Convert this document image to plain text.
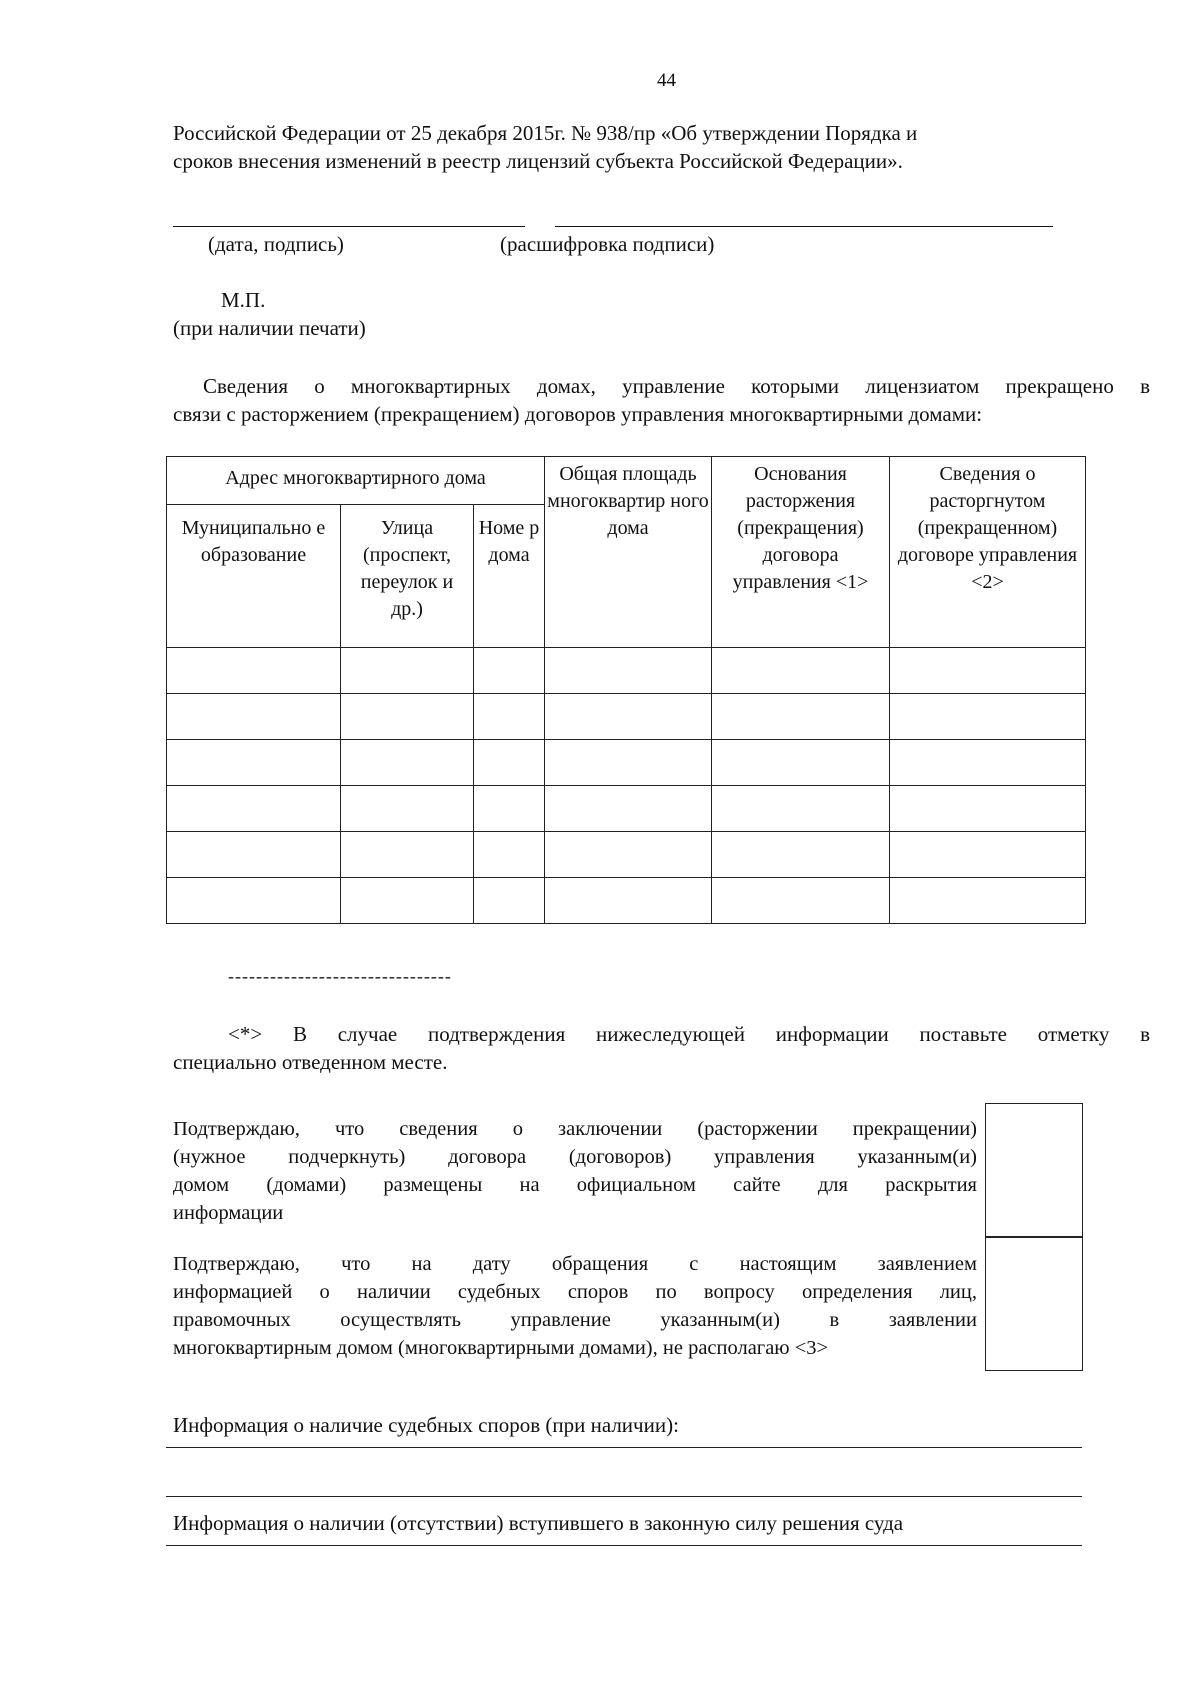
44
Российской Федерации от 25 декабря 2015г. № 938/пр «Об утверждении Порядка и
сроков внесения изменений в реестр лицензий субъекта Российской Федерации».
(дата, подпись)	(расшифровка подписи)
М.П.
(при наличии печати)
Сведения о многоквартирных домах, управление которыми лицензиатом прекращено в
связи с расторжением (прекращением) договоров управления многоквартирными домами:
Адрес многоквартирного дома			Общая площадь многоквартир ного дома	Основания расторжения (прекращения) договора управления <1>	Сведения о расторгнутом (прекращенном) договоре управления <2>
Муниципально е образование	Улица (проспект, переулок и др.)	Номе р дома			

--------------------------------
<*> В случае подтверждения нижеследующей информации поставьте отметку в
специально отведенном месте.
Подтверждаю, что сведения о заключении (расторжении прекращении)
(нужное подчеркнуть) договора (договоров) управления указанным(и)
домом (домами) размещены на официальном сайте для раскрытия
информации
Подтверждаю, что на дату обращения с настоящим заявлением
информацией о наличии судебных споров по вопросу определения лиц,
правомочных осуществлять управление указанным(и) в заявлении
многоквартирным домом (многоквартирными домами), не располагаю <3>
Информация о наличие судебных споров (при наличии):
Информация о наличии (отсутствии) вступившего в законную силу решения суда
